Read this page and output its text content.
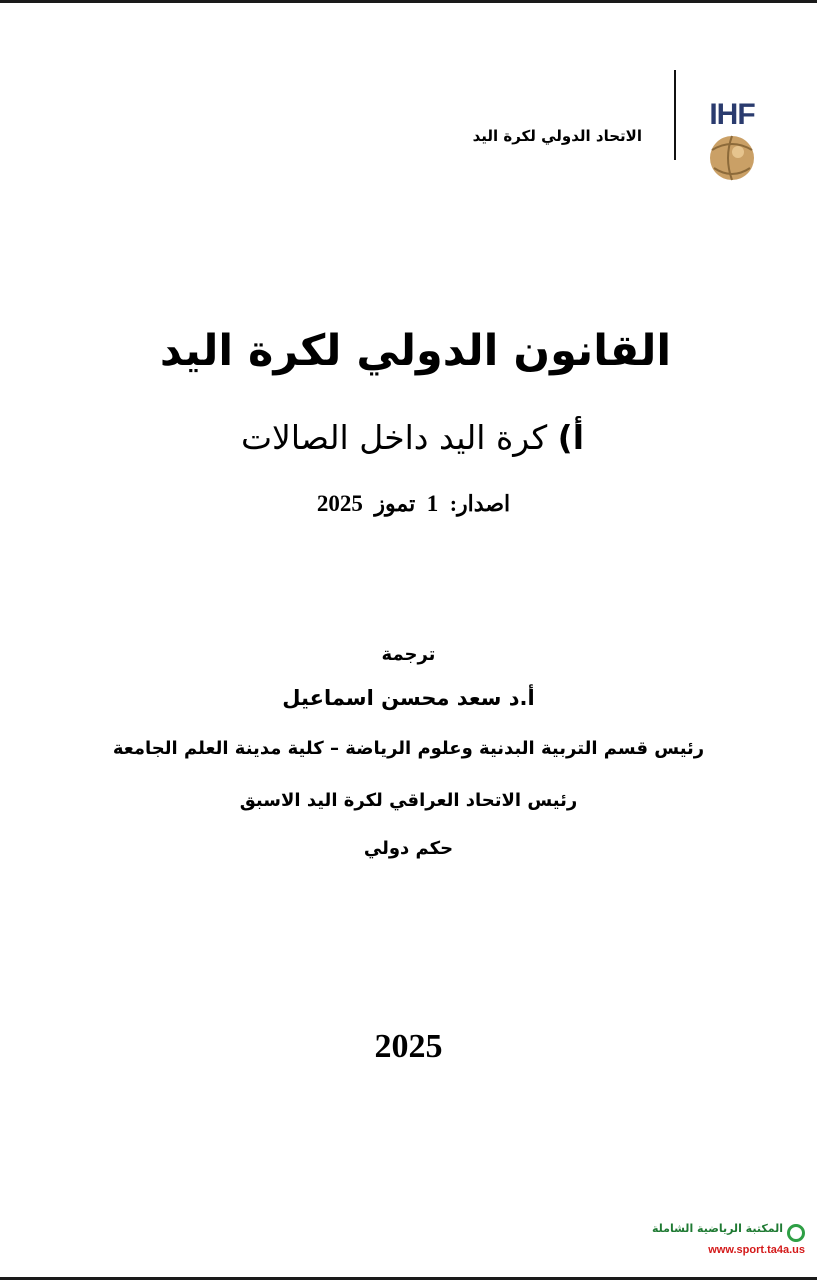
IHF
الاتحاد الدولي لكرة اليد
القانون الدولي لكرة اليد
أ) كرة اليد داخل الصالات
اصدار: 1 تموز 2025
ترجمة
أ.د سعد محسن اسماعيل
رئيس قسم التربية البدنية وعلوم الرياضة – كلية مدينة العلم الجامعة
رئيس الاتحاد العراقي لكرة اليد الاسبق
حكم دولي
2025
المكتبة الرياضية الشاملة
www.sport.ta4a.us
